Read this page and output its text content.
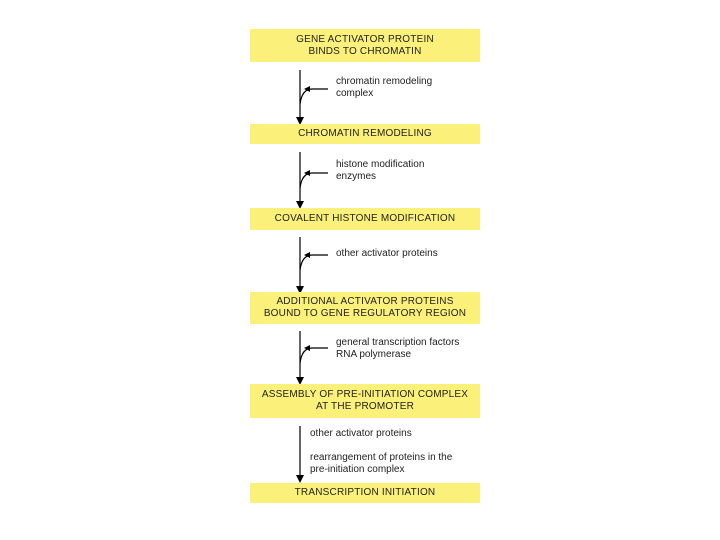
GENE ACTIVATOR PROTEIN
BINDS TO CHROMATIN
CHROMATIN REMODELING
COVALENT HISTONE MODIFICATION
ADDITIONAL ACTIVATOR PROTEINS
BOUND TO GENE REGULATORY REGION
ASSEMBLY OF PRE-INITIATION COMPLEX
AT THE PROMOTER
TRANSCRIPTION INITIATION
chromatin remodeling
complex
histone modification
enzymes
other activator proteins
general transcription factors
RNA polymerase
other activator proteins
rearrangement of proteins in the
pre-initiation complex
